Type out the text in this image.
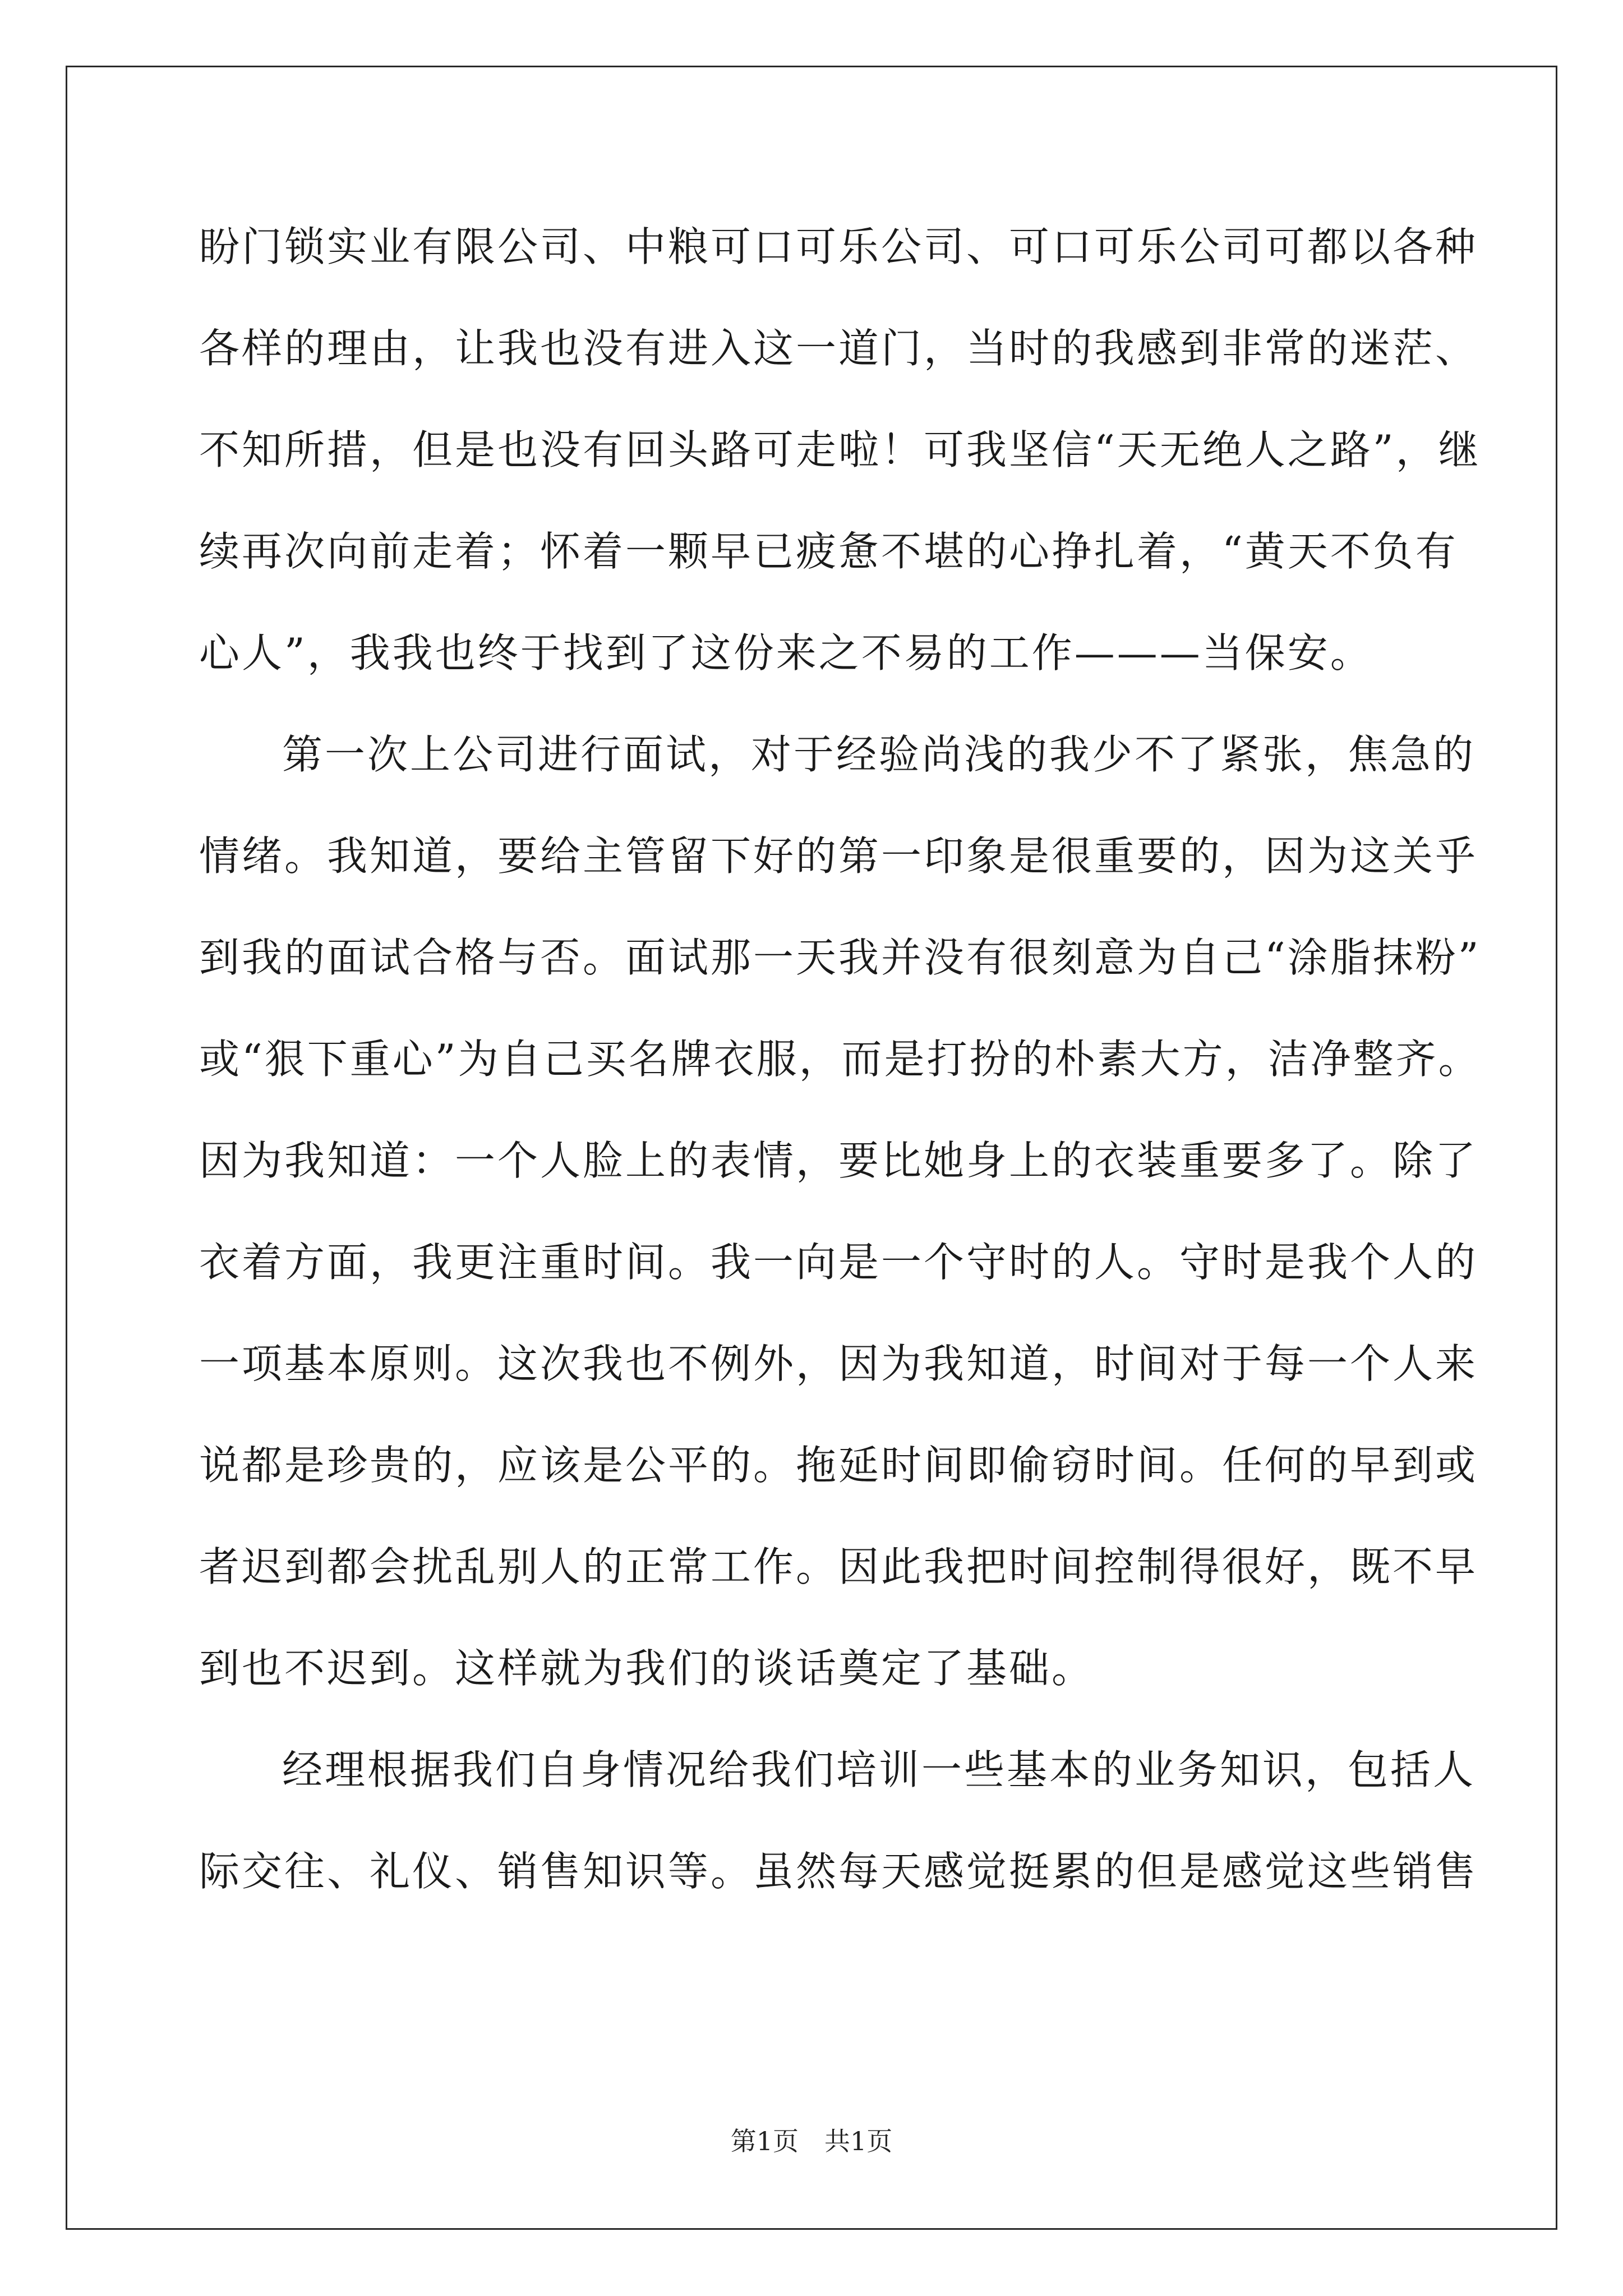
盼门锁实业有限公司、中粮可口可乐公司、可口可乐公司可都以各种
各样的理由，让我也没有进入这一道门，当时的我感到非常的迷茫、
不知所措，但是也没有回头路可走啦！可我坚信“天无绝人之路”，继
续再次向前走着；怀着一颗早已疲惫不堪的心挣扎着，“黄天不负有
心人”，我我也终于找到了这份来之不易的工作———当保安。
第一次上公司进行面试，对于经验尚浅的我少不了紧张，焦急的
情绪。我知道，要给主管留下好的第一印象是很重要的，因为这关乎
到我的面试合格与否。面试那一天我并没有很刻意为自己“涂脂抹粉”
或“狠下重心”为自己买名牌衣服，而是打扮的朴素大方，洁净整齐。
因为我知道：一个人脸上的表情，要比她身上的衣装重要多了。除了
衣着方面，我更注重时间。我一向是一个守时的人。守时是我个人的
一项基本原则。这次我也不例外，因为我知道，时间对于每一个人来
说都是珍贵的，应该是公平的。拖延时间即偷窃时间。任何的早到或
者迟到都会扰乱别人的正常工作。因此我把时间控制得很好，既不早
到也不迟到。这样就为我们的谈话奠定了基础。
经理根据我们自身情况给我们培训一些基本的业务知识，包括人
际交往、礼仪、销售知识等。虽然每天感觉挺累的但是感觉这些销售
第1页 共1页
